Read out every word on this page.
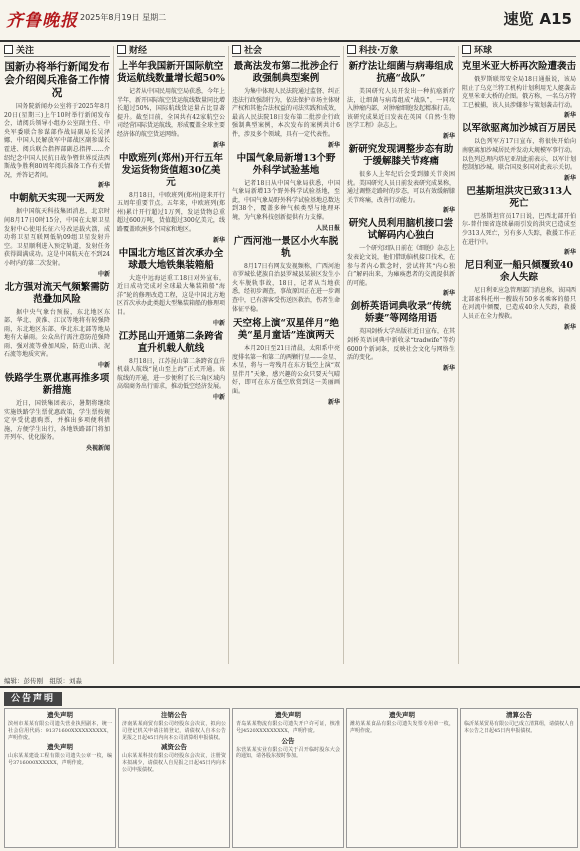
齐鲁晚报 2025年8月19日 星期二	速览 A15
关注
国新办将举行新闻发布会介绍阅兵准备工作情况

国务院新闻办公室将于2025年8月20日(星期三)上午10时举行新闻发布会，请阅兵领导小组办公室副主任、中央军委联合参谋部作战局副局长吴泽娜、中国人民解放军中部战区副参谋长霍进、阅兵联合指挥部副总指挥……介绍纪念中国人民抗日战争暨世界反法西斯战争胜利80周年阅兵准备工作有关情况，并答记者问。

新华
中朝航天实现一天两发

据中国航天科技集团消息，北京时间8月17日0时15分，中国在太原卫星发射中心使用长征六号改运载火箭，成功将卫星互联网低轨09组卫星发射升空。卫星顺利进入预定轨道，发射任务获得圆满成功。这是中国航天在不到24小时内的第二次发射。

中新
北方强对流天气频繁需防范叠加风险

据中央气象台预报，东北地区东部、华北、黄淮、江汉等地将有较强降雨，东北地区东部、华北东北部等地局地有大暴雨。公众出行需注意防范强降雨、强对流等叠加风险，防范山洪、泥石流等地质灾害。

中新
铁路学生票优惠再推多项新措施

近日，国铁集团表示，暑期将继续实施铁路学生票优惠政策，学生票按规定享受优惠购票，并推出多项便利措施，方便学生出行，各地铁路部门将加开列车、优化服务。

央视新闻
财经
上半年我国新开国际航空货运航线数量增长超50%

记者从中国民用航空局获悉，今年上半年，新开国际航空货运航线数量同比增长超过50%，国际航线货运量占比显著提升。截至目前，全国共有42家航空公司经营国际货运航线，形成覆盖全球主要经济体的航空货运网络。

新华
中欧班列(郑州)开行五年发运货物货值超30亿美元

8月18日，中欧班列(郑州)迎来开行五周年重要节点。五年来，中欧班列(郑州)累计开行超过1万列，发运货物总重超过600万吨，货值超过300亿美元，线路覆盖欧洲多个国家和地区。

新华
中国北方地区首次承办全球最大地铁集装箱船

大连中远海运重工18日对外宣布，近日成功完成对全球最大集装箱船“海洋”轮的修理改造工程，这是中国北方地区首次承办此类超大型集装箱船的修理项目。

中新
江苏昆山开通第二条跨省直升机载人航线

8月18日，江苏昆山第二条跨省直升机载人航线“昆山至上海”正式开通。该航线的开通，进一步便利了长三角区域内高端商务出行需求，推动低空经济发展。

中新
社会
最高法发布第二批涉企行政强制典型案例

为集中体现人民法院通过监督、纠正违法行政强制行为，依法保护市场主体财产权和其他合法权益的司法实践和成效，最高人民法院18日发布第二批涉企行政强制典型案例，本次发布的案例共计6件，涉及多个领域，具有一定代表性。

新华
中国气象局新增13个野外科学试验基地

记者18日从中国气象局获悉，中国气象局新增13个野外科学试验基地，至此，中国气象局野外科学试验基地总数达到38个，覆盖多种气候类型与地理环境，为气象科技创新提供有力支撑。

人民日报
广西河池一景区小火车脱轨

8月17日有网友发视频称，广西河池市罗城仫佬族自治县罗城县某景区发生小火车脱轨事故，18日，记者从当地获悉，经初步调查，事故原因正在进一步调查中，已有游客受伤送医救治，伤者生命体征平稳。

天空将上演“双星伴月”绝美“星月童话”连演两天

本月20日至21日清晨，太阳系中亮度排名第一和第二的两颗行星——金星、木星，将与一弯残月在东方低空上演“双星伴月”天象，感兴趣的公众只要天气晴好，即可在东方低空欣赏到这一美丽画面。

新华
科技·万象
新疗法让细菌与病毒组成抗癌“战队”

美国研究人员开发出一种抗癌新疗法，让细菌与病毒组成“战队”，一同攻入肿瘤内部，对肿瘤细胞发起精准打击。该研究成果近日发表在英国《自然·生物医学工程》杂志上。

新华
新研究发现调整步态有助于缓解膝关节疼痛

很多人上年纪后会受到膝关节炎困扰。美国研究人员日前发表研究成果称，通过调整走路时的步态，可以有效缓解膝关节疼痛，改善行动能力。

新华
研究人员利用脑机接口尝试解码内心独白

一个研究团队日前在《细胞》杂志上发表论文说，他们借助脑机接口技术，在参与者内心默念时，尝试将其“内心独白”解码出来，为瘫痪患者的交流提供新的可能。

新华
剑桥英语词典收录“传统娇妻”等网络用语

英国剑桥大学出版社近日宣布，在其剑桥英语词典中新收录“tradwife”等约6000个新词条，反映社会文化与网络生活的变化。

新华
环球
克里米亚大桥再次险遭袭击

俄罗斯联邦安全局18日通报说，该局阻止了乌克兰特工机构计划利用无人艇袭击克里米亚大桥的企图。俄方称，一名乌方特工已被捕，该人员涉嫌参与策划袭击行动。

新华
以军欲驱离加沙城百万居民

以色列军方17日宣布，将很快开始向南驱离加沙城居民并发动大规模军事行动。以色列总理内塔尼亚胡此前表示，以军计划控制加沙城。联合国及多国对此表示关切。

新华
巴基斯坦洪灾已致313人死亡

巴基斯坦官员17日说，巴西北部开伯尔-普什图省连续暴雨引发的洪灾已造成至少313人死亡，另有多人失踪，救援工作正在进行中。

新华
尼日利亚一船只倾覆致40余人失踪

尼日利亚应急管理部门消息称，该国西北部索科托州一艘载有50多名乘客的船只在河流中倾覆，已造成40余人失踪，救援人员正在全力搜救。

新华
编辑：彭传刚　组版：刘淼
公告声明
遗失声明

滨州市某某有限公司遗失营业执照副本，统一社会信用代码：91371600XXXXXXXXXX，声明作废。

遗失声明

山东某某建设工程有限公司遗失公章一枚，编号3716000XXXXXX，声明作废。

注销公告

济南某某商贸有限公司经股东会决议，拟向公司登记机关申请注销登记，请债权人自本公告见报之日起45日内向本公司清算组申报债权。

减资公告

山东某某科技有限公司经股东会决议，注册资本拟减少，请债权人自见报之日起45日内向本公司申报债权。

遗失声明

青岛某某物流有限公司遗失开户许可证，核准号J4520XXXXXXXXX，声明作废。

公告

东营某某实业有限公司关于召开临时股东大会的通知，请各股东按时参加。

遗失声明

潍坊某某食品有限公司遗失发票专用章一枚，声明作废。

清算公告

临沂某某贸易有限公司已成立清算组，请债权人自本公告之日起45日内申报债权。
